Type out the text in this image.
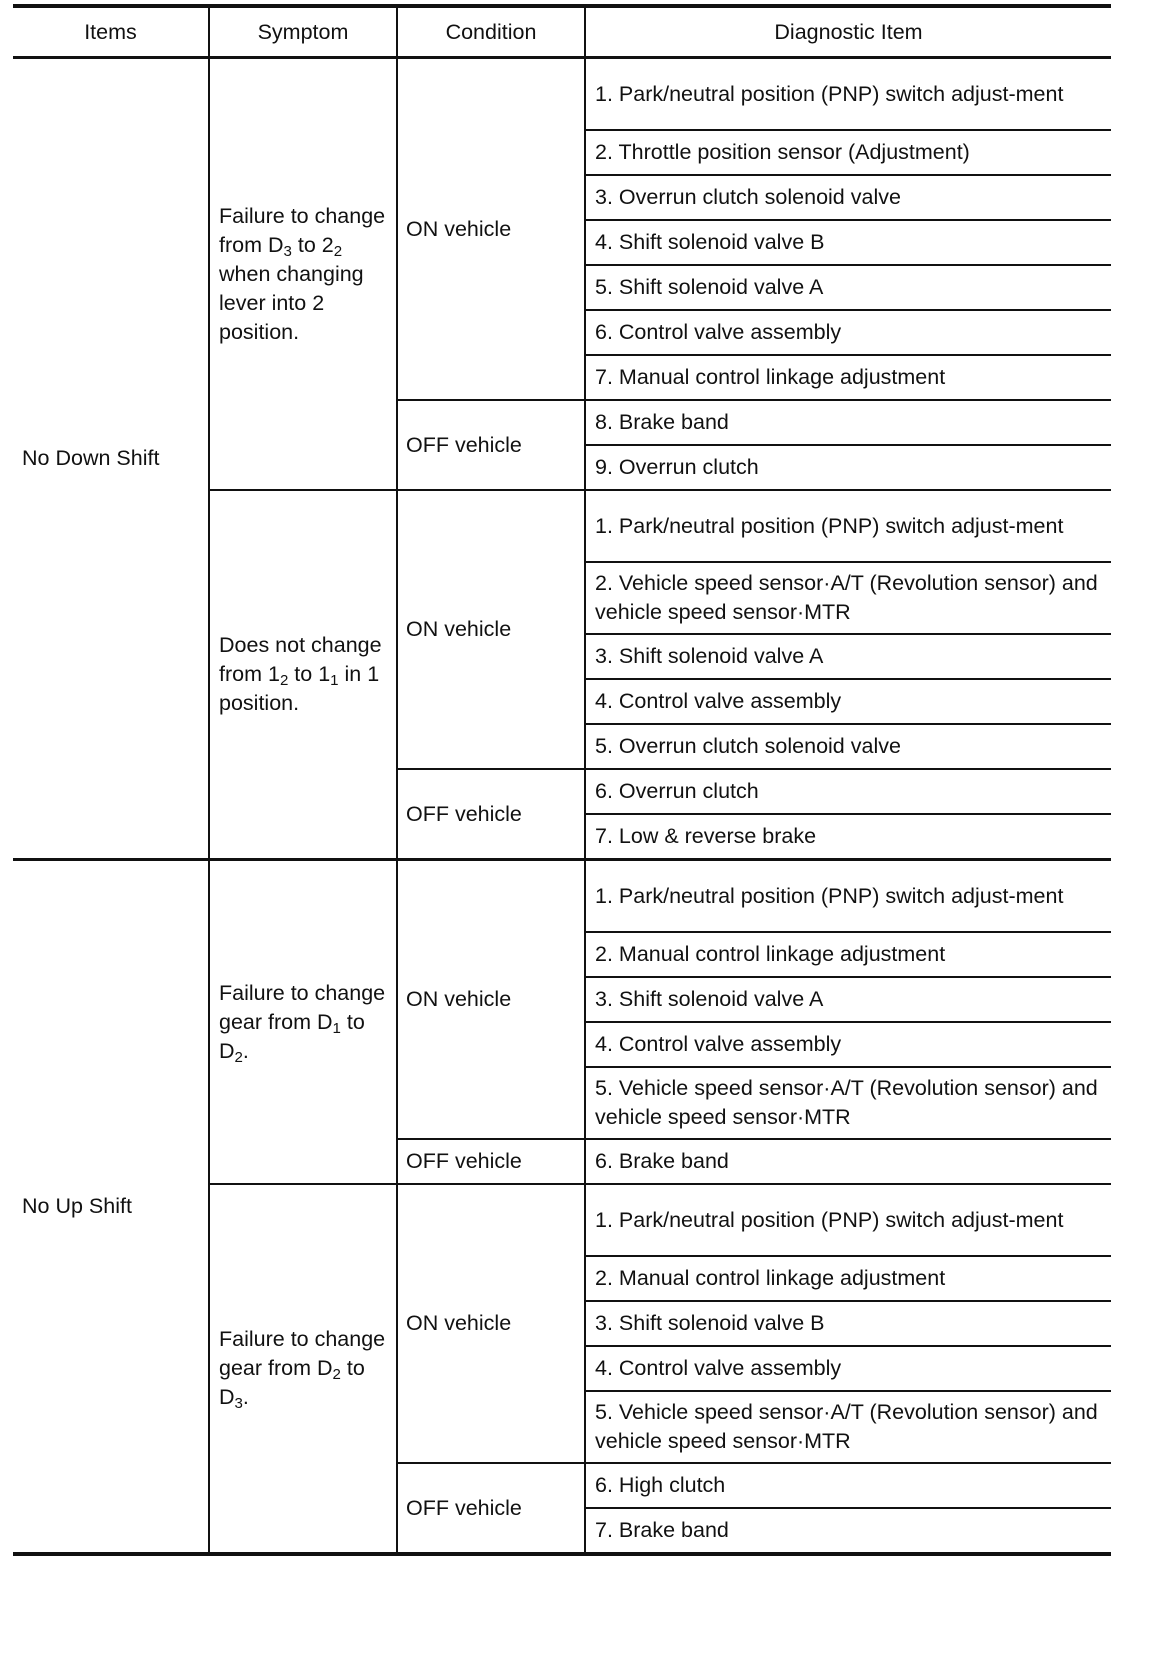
Items	Symptom	Condition	Diagnostic Item
No Down Shift	Failure to change from $D_3$ to $2_2$ when changing lever into 2 position.	ON vehicle	1. Park/neutral position (PNP) switch adjust-ment
			2. Throttle position sensor (Adjustment)
			3. Overrun clutch solenoid valve
			4. Shift solenoid valve B
			5. Shift solenoid valve A
			6. Control valve assembly
			7. Manual control linkage adjustment
		OFF vehicle	8. Brake band
			9. Overrun clutch
	Does not change from $1_2$ to $1_1$ in 1 position.	ON vehicle	1. Park/neutral position (PNP) switch adjust-ment
			2. Vehicle speed sensor·A/T (Revolution sensor) and vehicle speed sensor·MTR
			3. Shift solenoid valve A
			4. Control valve assembly
			5. Overrun clutch solenoid valve
		OFF vehicle	6. Overrun clutch
			7. Low & reverse brake
No Up Shift	Failure to change gear from $D_1$ to $D_2$.	ON vehicle	1. Park/neutral position (PNP) switch adjust-ment
			2. Manual control linkage adjustment
			3. Shift solenoid valve A
			4. Control valve assembly
			5. Vehicle speed sensor·A/T (Revolution sensor) and vehicle speed sensor·MTR
		OFF vehicle	6. Brake band
	Failure to change gear from $D_2$ to $D_3$.	ON vehicle	1. Park/neutral position (PNP) switch adjust-ment
			2. Manual control linkage adjustment
			3. Shift solenoid valve B
			4. Control valve assembly
			5. Vehicle speed sensor·A/T (Revolution sensor) and vehicle speed sensor·MTR
		OFF vehicle	6. High clutch
			7. Brake band
